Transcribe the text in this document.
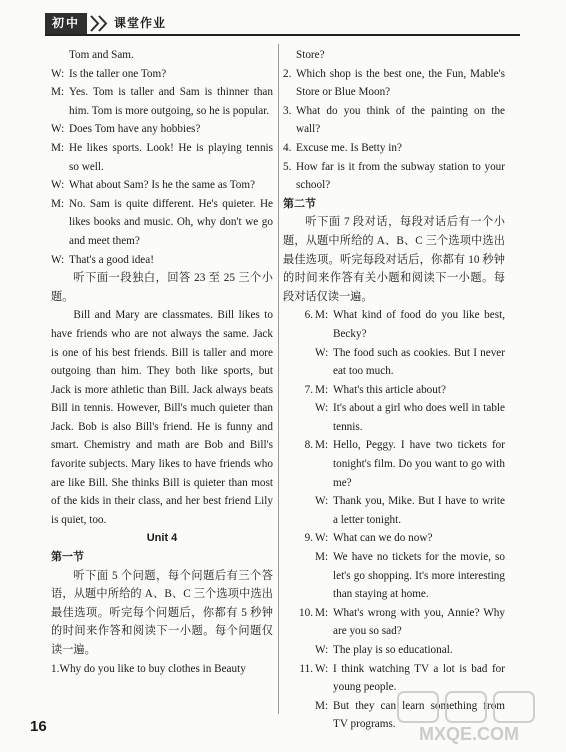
初中	课堂作业
Tom and Sam.
W: Is the taller one Tom?
M: Yes. Tom is taller and Sam is thinner than him. Tom is more outgoing, so he is popular.
W: Does Tom have any hobbies?
M: He likes sports. Look! He is playing tennis so well.
W: What about Sam? Is he the same as Tom?
M: No. Sam is quite different. He's quieter. He likes books and music. Oh, why don't we go and meet them?
W: That's a good idea!
听下面一段独白，回答 23 至 25 三个小题。
Bill and Mary are classmates. Bill likes to have friends who are not always the same. Jack is one of his best friends. Bill is taller and more outgoing than him. They both like sports, but Jack is more athletic than Bill. Jack always beats Bill in tennis. However, Bill's much quieter than Jack. Bob is also Bill's friend. He is funny and smart. Chemistry and math are Bob and Bill's favorite subjects. Mary likes to have friends who are like Bill. She thinks Bill is quieter than most of the kids in their class, and her best friend Lily is quiet, too.
Unit 4
第一节
听下面 5 个问题，每个问题后有三个答语，从题中所给的 A、B、C 三个选项中选出最佳选项。听完每个问题后，你都有 5 秒钟的时间来作答和阅读下一小题。每个问题仅读一遍。
1. Why do you like to buy clothes in Beauty
Store?
2. Which shop is the best one, the Fun, Mable's Store or Blue Moon?
3. What do you think of the painting on the wall?
4. Excuse me. Is Betty in?
5. How far is it from the subway station to your school?
第二节
听下面 7 段对话，每段对话后有一个小题，从题中所给的 A、B、C 三个选项中选出最佳选项。听完每段对话后，你都有 10 秒钟的时间来作答有关小题和阅读下一小题。每段对话仅读一遍。
6. M: What kind of food do you like best, Becky?
W: The food such as cookies. But I never eat too much.
7. M: What's this article about?
W: It's about a girl who does well in table tennis.
8. M: Hello, Peggy. I have two tickets for tonight's film. Do you want to go with me?
W: Thank you, Mike. But I have to write a letter tonight.
9. W: What can we do now?
M: We have no tickets for the movie, so let's go shopping. It's more interesting than staying at home.
10. M: What's wrong with you, Annie? Why are you so sad?
W: The play is so educational.
11. W: I think watching TV a lot is bad for young people.
M: But they can learn something from TV programs.
16	MXQE.COM
